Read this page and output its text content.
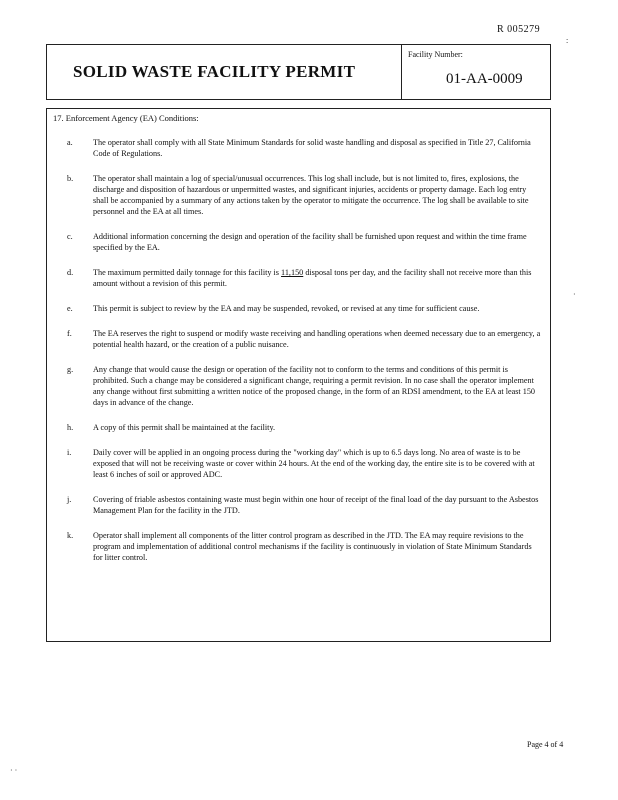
R 005279
:
·
SOLID WASTE FACILITY PERMIT
Facility Number:
01-AA-0009
17. Enforcement Agency (EA) Conditions:
a.	The operator shall comply with all State Minimum Standards for solid waste handling and disposal as specified in Title 27, California Code of Regulations.
b.	The operator shall maintain a log of special/unusual occurrences. This log shall include, but is not limited to, fires, explosions, the discharge and disposition of hazardous or unpermitted wastes, and significant injuries, accidents or property damage. Each log entry shall be accompanied by a summary of any actions taken by the operator to mitigate the occurrence. The log shall be available to site personnel and the EA at all times.
c.	Additional information concerning the design and operation of the facility shall be furnished upon request and within the time frame specified by the EA.
d.	The maximum permitted daily tonnage for this facility is 11,150 disposal tons per day, and the facility shall not receive more than this amount without a revision of this permit.
e.	This permit is subject to review by the EA and may be suspended, revoked, or revised at any time for sufficient cause.
f.	The EA reserves the right to suspend or modify waste receiving and handling operations when deemed necessary due to an emergency, a potential health hazard, or the creation of a public nuisance.
g.	Any change that would cause the design or operation of the facility not to conform to the terms and conditions of this permit is prohibited. Such a change may be considered a significant change, requiring a permit revision. In no case shall the operator implement any change without first submitting a written notice of the proposed change, in the form of an RDSI amendment, to the EA at least 150 days in advance of the change.
h.	A copy of this permit shall be maintained at the facility.
i.	Daily cover will be applied in an ongoing process during the "working day" which is up to 6.5 days long. No area of waste is to be exposed that will not be receiving waste or cover within 24 hours. At the end of the working day, the entire site is to be covered with at least 6 inches of soil or approved ADC.
j.	Covering of friable asbestos containing waste must begin within one hour of receipt of the final load of the day pursuant to the Asbestos Management Plan for the facility in the JTD.
k.	Operator shall implement all components of the litter control program as described in the JTD. The EA may require revisions to the program and implementation of additional control mechanisms if the facility is continuously in violation of State Minimum Standards for litter control.
Page 4 of 4
· ·
